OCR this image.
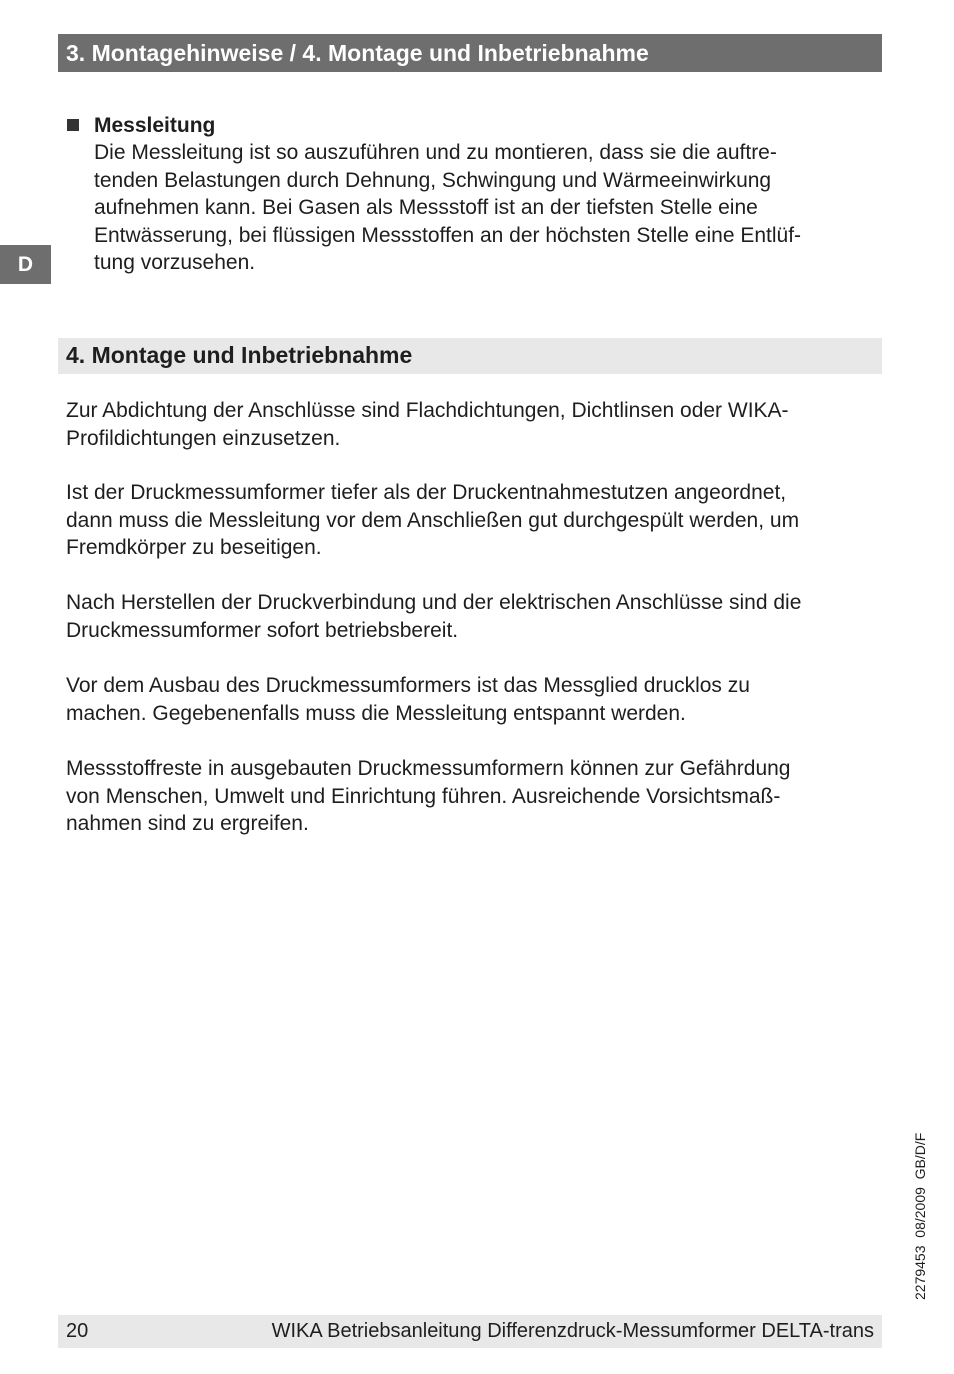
3. Montagehinweise / 4. Montage und Inbetriebnahme
D
Messleitung
Die Messleitung ist so auszuführen und zu montieren, dass sie die auftre-
tenden Belastungen durch Dehnung, Schwingung und Wärmeeinwirkung
aufnehmen kann. Bei Gasen als Messstoff ist an der tiefsten Stelle eine
Entwässerung, bei flüssigen Messstoffen an der höchsten Stelle eine Entlüf-
tung vorzusehen.
4. Montage und Inbetriebnahme
Zur Abdichtung der Anschlüsse sind Flachdichtungen, Dichtlinsen oder WIKA-
Profildichtungen einzusetzen.
Ist der Druckmessumformer tiefer als der Druckentnahmestutzen angeordnet,
dann muss die Messleitung vor dem Anschließen gut durchgespült werden, um
Fremdkörper zu beseitigen.
Nach Herstellen der Druckverbindung und der elektrischen Anschlüsse sind die
Druckmessumformer sofort betriebsbereit.
Vor dem Ausbau des Druckmessumformers ist das Messglied drucklos zu
machen. Gegebenenfalls muss die Messleitung entspannt werden.
Messstoffreste in ausgebauten Druckmessumformern können zur Gefährdung
von Menschen, Umwelt und Einrichtung führen. Ausreichende Vorsichtsmaß-
nahmen sind zu ergreifen.
2279453  08/2009  GB/D/F
20	WIKA Betriebsanleitung Differenzdruck-Messumformer DELTA-trans
